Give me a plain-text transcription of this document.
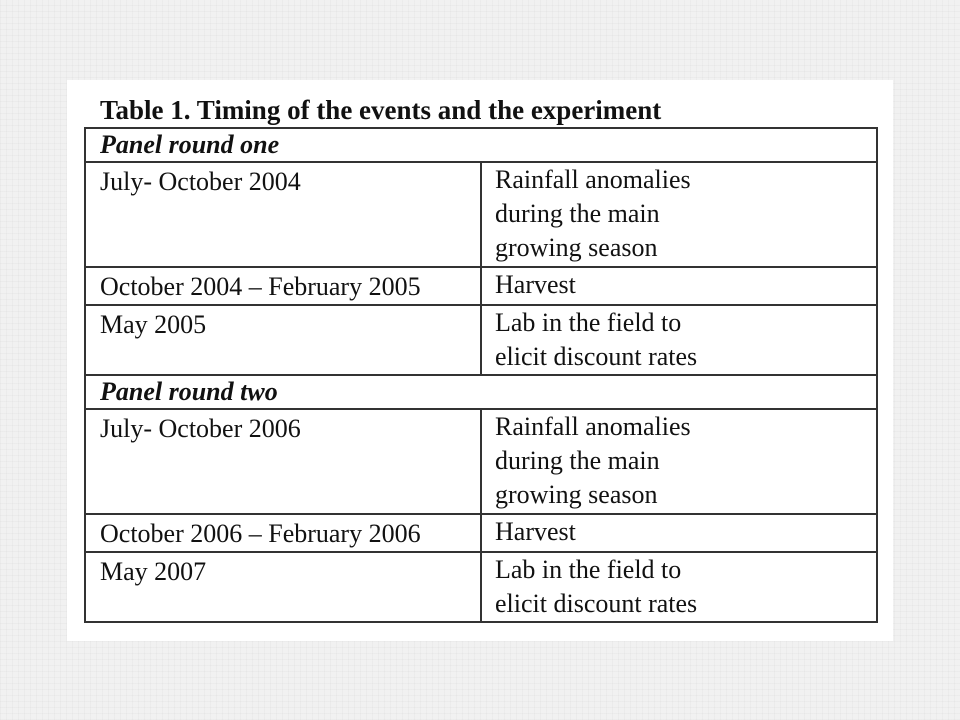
Table 1. Timing of the events and the experiment
Panel round one	
July- October 2004	Rainfall anomalies
during the main
growing season

October 2004 – February 2005	Harvest

May 2005	Lab in the field to
elicit discount rates

Panel round two	
July- October 2006	Rainfall anomalies
during the main
growing season

October 2006 – February 2006	Harvest

May 2007	Lab in the field to
elicit discount rates
